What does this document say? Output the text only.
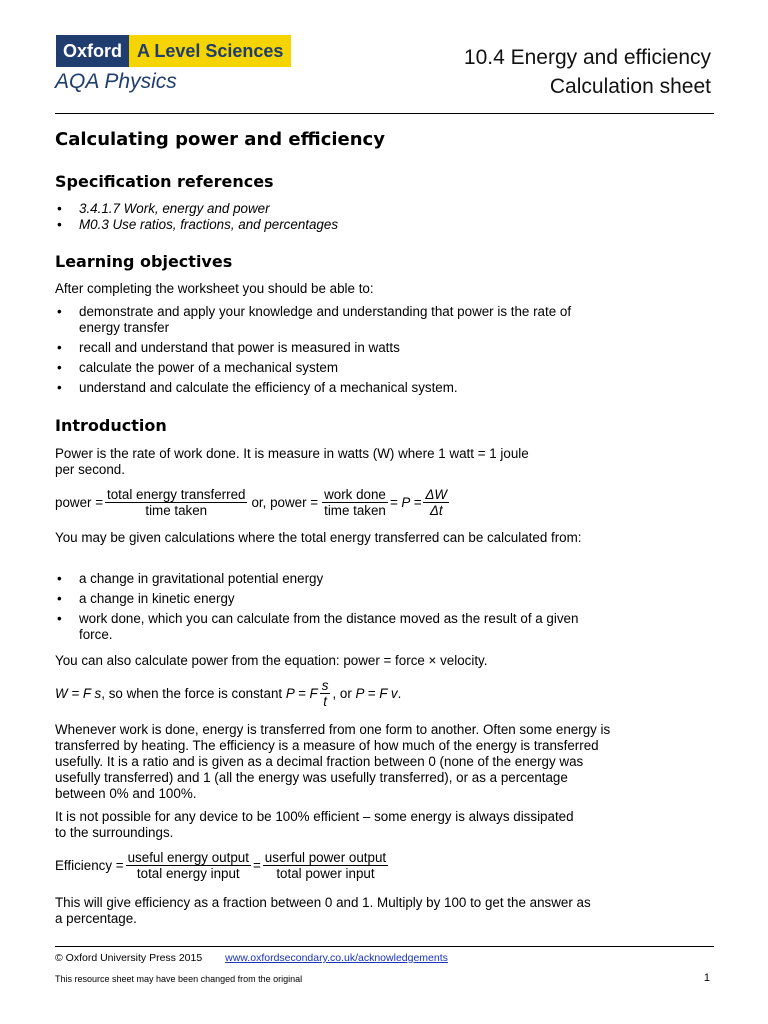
Oxford A Level Sciences
AQA Physics
10.4 Energy and efficiency
Calculation sheet
Calculating power and efficiency
Specification references
• 3.4.1.7 Work, energy and power
• M0.3 Use ratios, fractions, and percentages
Learning objectives
After completing the worksheet you should be able to:
• demonstrate and apply your knowledge and understanding that power is the rate of energy transfer
• recall and understand that power is measured in watts
• calculate the power of a mechanical system
• understand and calculate the efficiency of a mechanical system.
Introduction
Power is the rate of work done. It is measure in watts (W) where 1 watt = 1 joule per second.
power = $\frac{\text{total energy transferred}}{\text{time taken}}$ or, power = $\frac{\text{work done}}{\text{time taken}} = P = \frac{\Delta W}{\Delta t}$
You may be given calculations where the total energy transferred can be calculated from:
• a change in gravitational potential energy
• a change in kinetic energy
• work done, which you can calculate from the distance moved as the result of a given force.
You can also calculate power from the equation: power = force × velocity.
W = F s , so when the force is constant P = F $\frac{s}{t}$ , or P = F v .
Whenever work is done, energy is transferred from one form to another. Often some energy is transferred by heating. The efficiency is a measure of how much of the energy is transferred usefully. It is a ratio and is given as a decimal fraction between 0 (none of the energy was usefully transferred) and 1 (all the energy was usefully transferred), or as a percentage between 0% and 100%.
It is not possible for any device to be 100% efficient – some energy is always dissipated to the surroundings.
Efficiency = $\frac{\text{useful energy output}}{\text{total energy input}} = \frac{\text{userful power output}}{\text{total power input}}$
This will give efficiency as a fraction between 0 and 1. Multiply by 100 to get the answer as a percentage.
© Oxford University Press 2015 www.oxfordsecondary.co.uk/acknowledgements
This resource sheet may have been changed from the original	1
